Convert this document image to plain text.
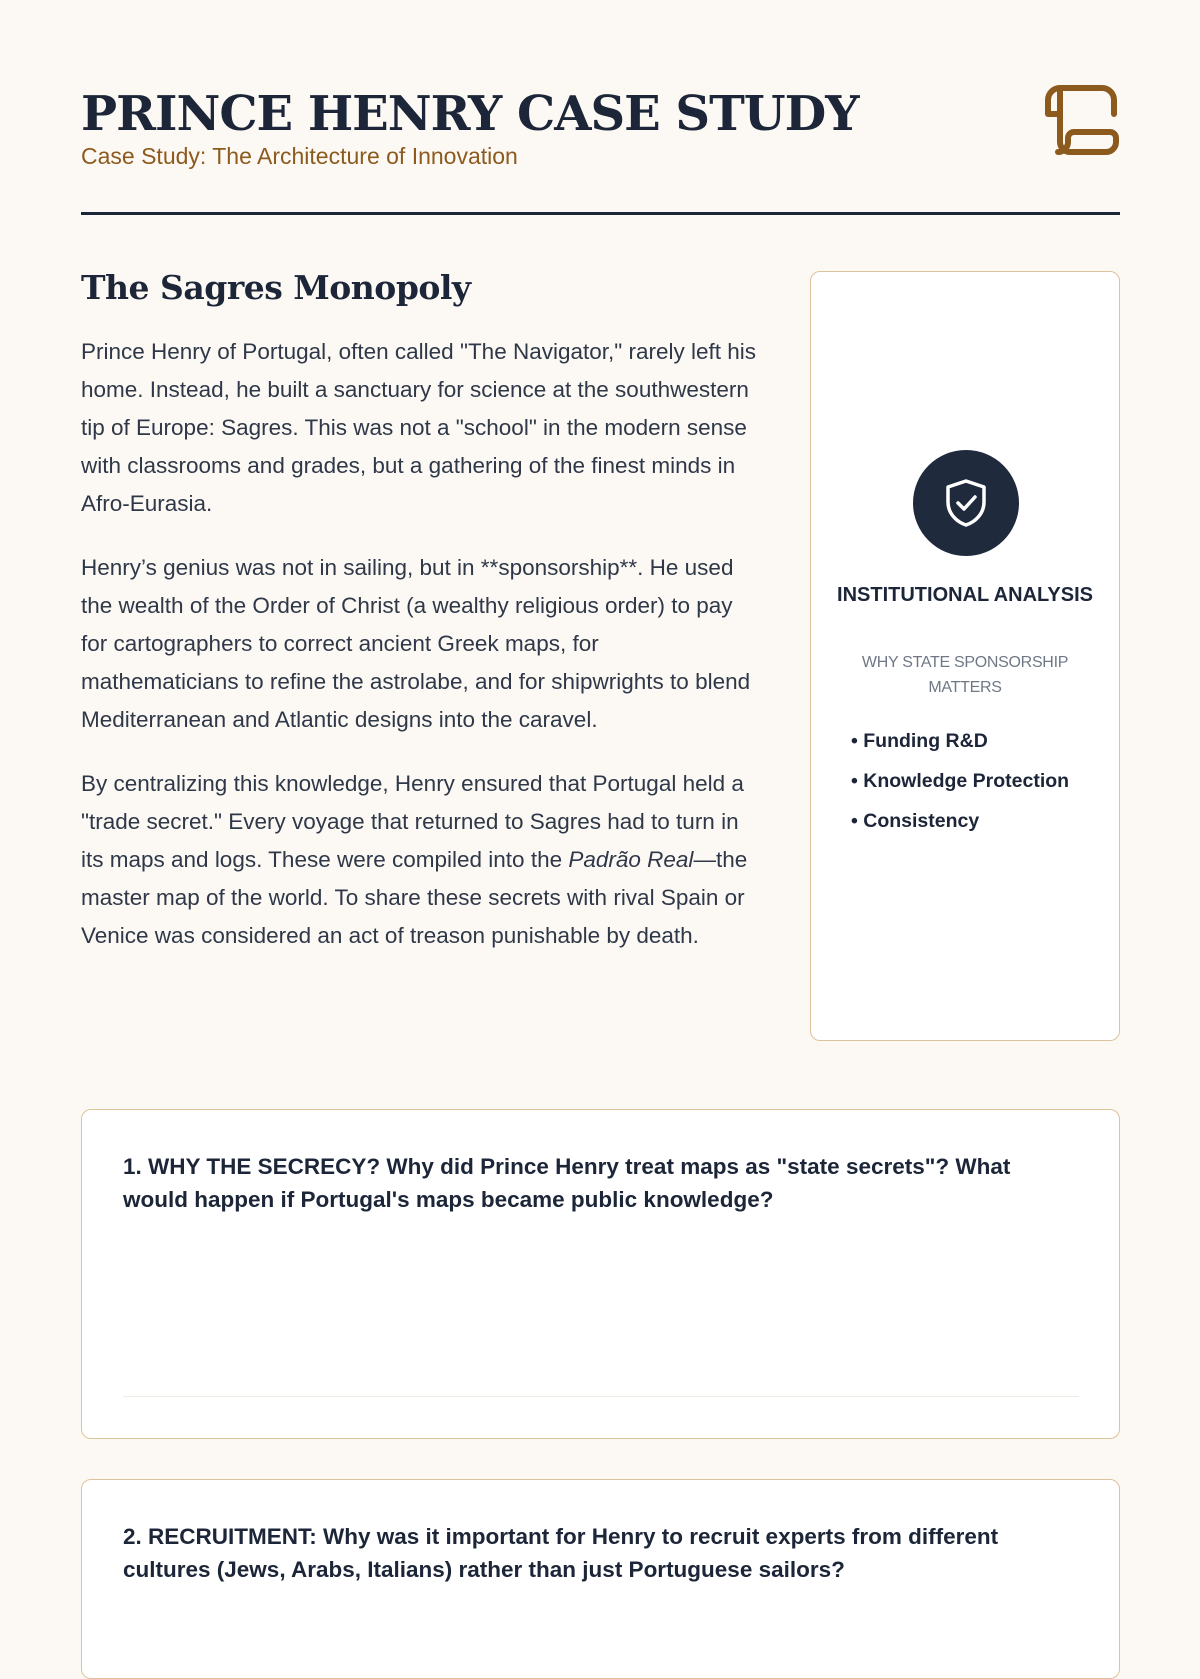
PRINCE HENRY CASE STUDY

Case Study: The Architecture of Innovation

The Sagres Monopoly

Prince Henry of Portugal, often called "The Navigator," rarely left his home. Instead, he built a sanctuary for science at the southwestern tip of Europe: Sagres. This was not a "school" in the modern sense with classrooms and grades, but a gathering of the finest minds in Afro-Eurasia.

Henry’s genius was not in sailing, but in **sponsorship**. He used the wealth of the Order of Christ (a wealthy religious order) to pay for cartographers to correct ancient Greek maps, for mathematicians to refine the astrolabe, and for shipwrights to blend Mediterranean and Atlantic designs into the caravel.

By centralizing this knowledge, Henry ensured that Portugal held a "trade secret." Every voyage that returned to Sagres had to turn in its maps and logs. These were compiled into the Padrão Real—the master map of the world. To share these secrets with rival Spain or Venice was considered an act of treason punishable by death.

INSTITUTIONAL ANALYSIS

WHY STATE SPONSORSHIP MATTERS

• Funding R&D
• Knowledge Protection
• Consistency

1. WHY THE SECRECY? Why did Prince Henry treat maps as "state secrets"? What would happen if Portugal's maps became public knowledge?

2. RECRUITMENT: Why was it important for Henry to recruit experts from different cultures (Jews, Arabs, Italians) rather than just Portuguese sailors?
